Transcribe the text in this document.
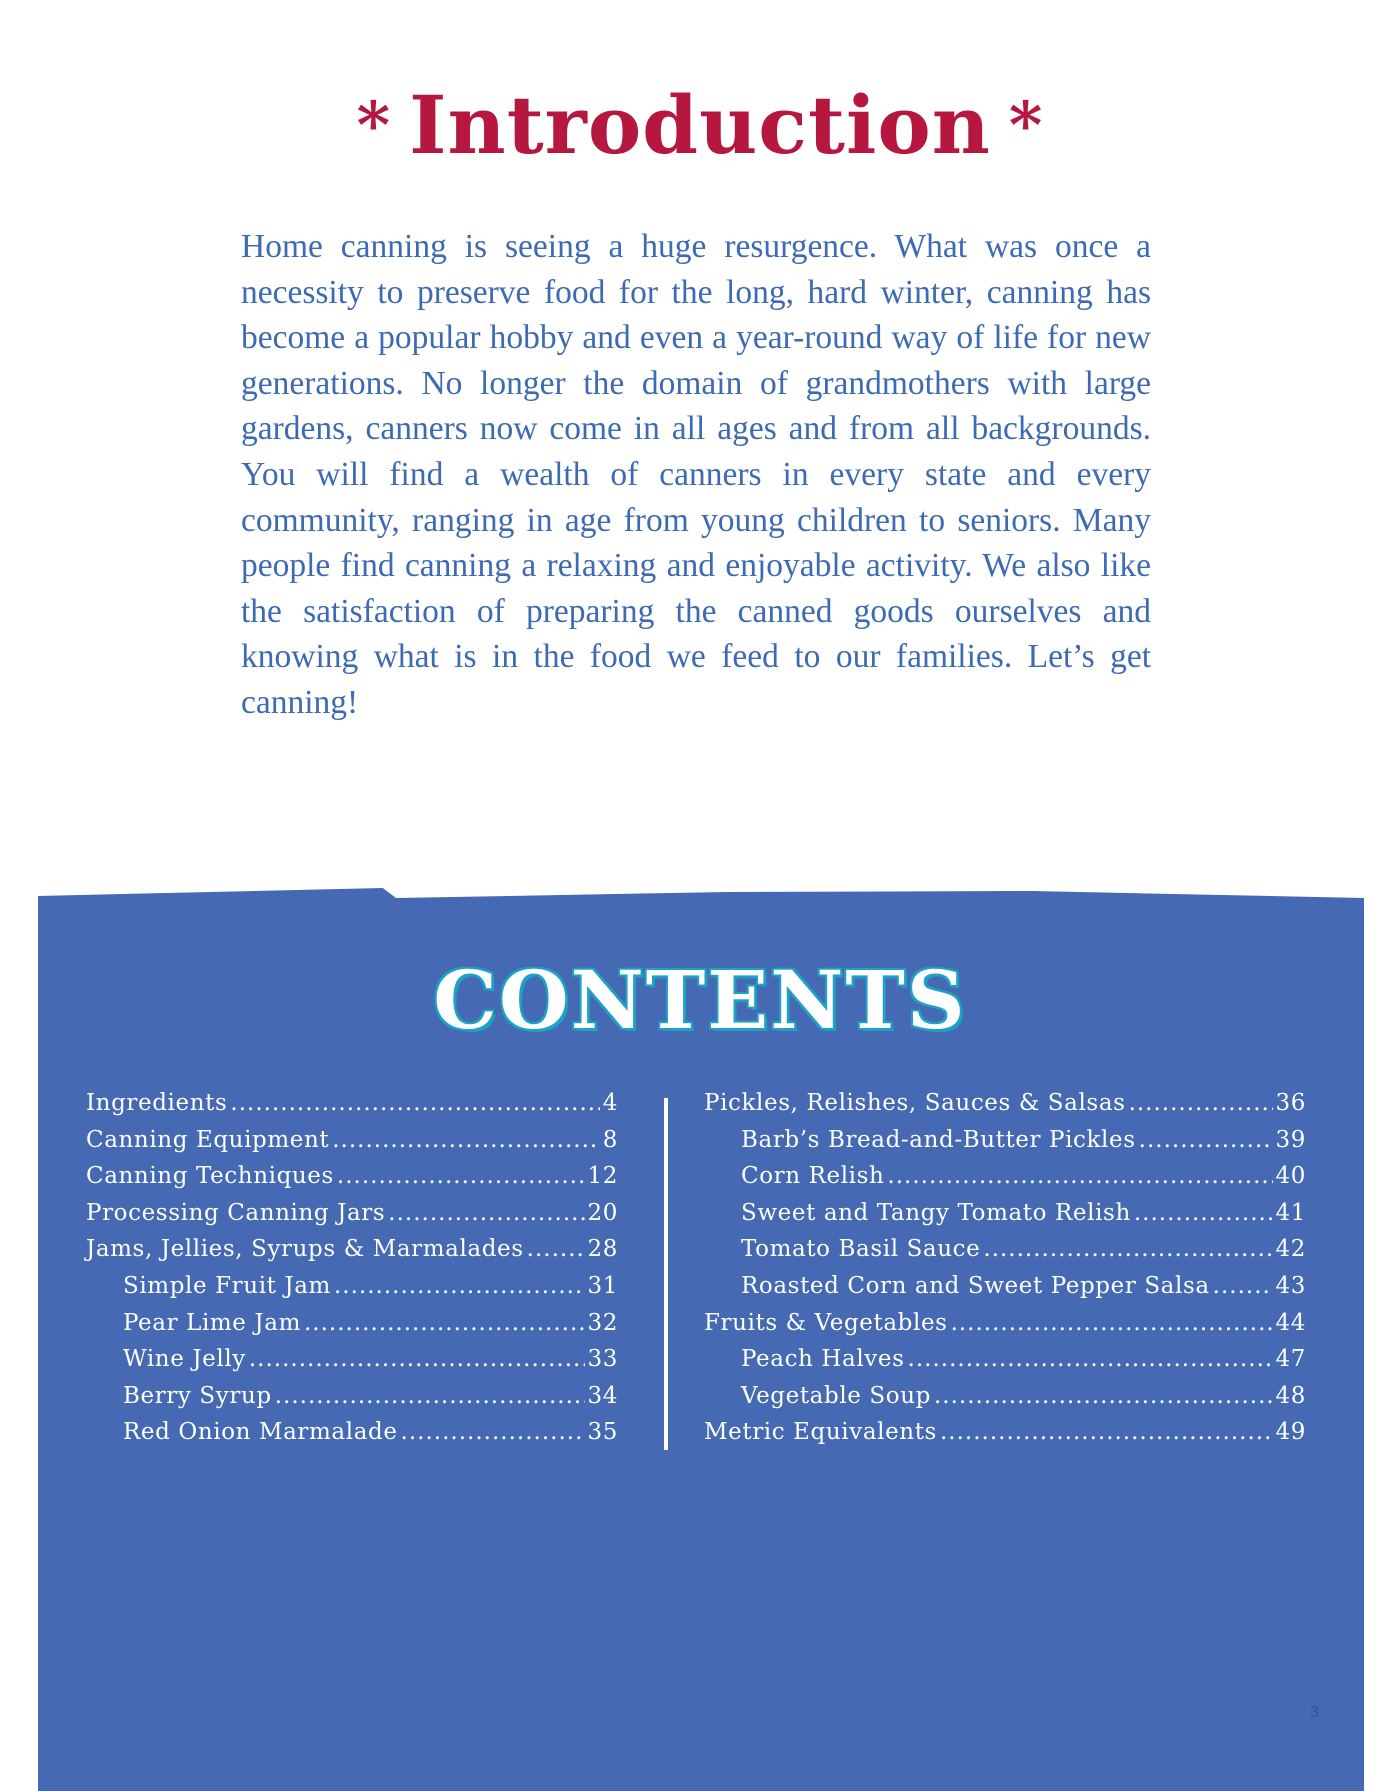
* Introduction *

Home canning is seeing a huge resurgence. What was once a necessity to preserve food for the long, hard winter, canning has become a popular hobby and even a year-round way of life for new generations. No longer the domain of grandmothers with large gardens, canners now come in all ages and from all backgrounds. You will find a wealth of canners in every state and every community, ranging in age from young children to seniors. Many people find canning a relaxing and enjoyable activity. We also like the satisfaction of preparing the canned goods ourselves and knowing what is in the food we feed to our families. Let’s get canning!

CONTENTS
Ingredients .....	4
Canning Equipment .....	8
Canning Techniques .....	12
Processing Canning Jars .....	20
Jams, Jellies, Syrups & Marmalades .....	28
Simple Fruit Jam .....	31
Pear Lime Jam .....	32
Wine Jelly .....	33
Berry Syrup .....	34
Red Onion Marmalade .....	35
Pickles, Relishes, Sauces & Salsas .....	36
Barb’s Bread-and-Butter Pickles .....	39
Corn Relish .....	40
Sweet and Tangy Tomato Relish .....	41
Tomato Basil Sauce .....	42
Roasted Corn and Sweet Pepper Salsa .....	43
Fruits & Vegetables .....	44
Peach Halves .....	47
Vegetable Soup .....	48
Metric Equivalents .....	49
3
